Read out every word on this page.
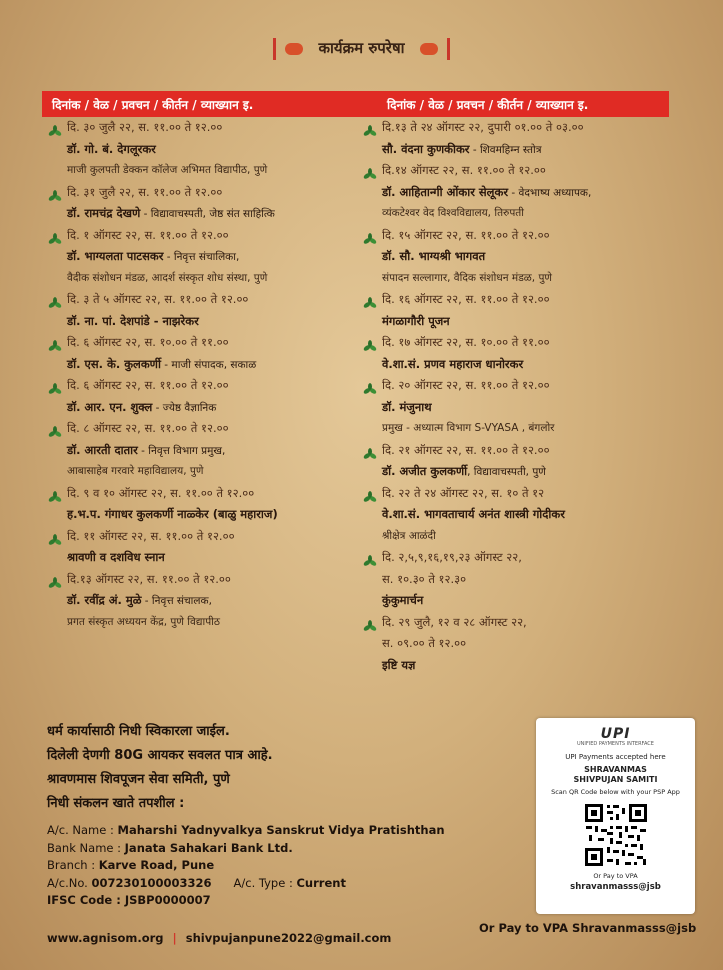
कार्यक्रम रुपरेषा
दिनांक / वेळ / प्रवचन / कीर्तन / व्याख्यान इ.	दिनांक / वेळ / प्रवचन / कीर्तन / व्याख्यान इ.
दि. ३० जुलै २२, स. ११.०० ते १२.००
डॉ. गो. बं. देगलूरकर
माजी कुलपती डेक्कन कॉलेज अभिमत विद्यापीठ, पुणे
दि. ३१ जुलै २२, स. ११.०० ते १२.००
डॉ. रामचंद्र देखणे - विद्यावाचस्पती, जेष्ठ संत साहित्कि
दि. १ ऑगस्ट २२, स. ११.०० ते १२.००
डॉ. भाग्यलता पाटसकर - निवृत्त संचालिका,
वैदीक संशोधन मंडळ, आदर्श संस्कृत शोध संस्था, पुणे
दि. ३ ते ५ ऑगस्ट २२, स. ११.०० ते १२.००
डॉ. ना. पां. देशपांडे - नाझरेकर
दि. ६ ऑगस्ट २२, स. १०.०० ते ११.००
डॉ. एस. के. कुलकर्णी - माजी संपादक, सकाळ
दि. ६ ऑगस्ट २२, स. ११.०० ते १२.००
डॉ. आर. एन. शुक्ल - ज्येष्ठ वैज्ञानिक
दि. ८ ऑगस्ट २२, स. ११.०० ते १२.००
डॉ. आरती दातार - निवृत्त विभाग प्रमुख,
आबासाहेब गरवारे महाविद्यालय, पुणे
दि. ९ व १० ऑगस्ट २२, स. ११.०० ते १२.००
ह.भ.प. गंगाधर कुलकर्णी नाळ्केर (बाळु महाराज)
दि. ११ ऑगस्ट २२, स. ११.०० ते १२.००
श्रावणी व दशविध स्नान
दि.१३ ऑगस्ट २२, स. ११.०० ते १२.००
डॉ. रवींद्र अं. मुळे - निवृत्त संचालक,
प्रगत संस्कृत अध्ययन केंद्र, पुणे विद्यापीठ
दि.१३ ते २४ ऑगस्ट २२, दुपारी ०१.०० ते ०३.००
सौ. वंदना कुणकीकर - शिवमहिम्न स्तोत्र
दि.१४ ऑगस्ट २२, स. ११.०० ते १२.००
डॉ. आहितान्गी ओंकार सेलूकर - वेदभाष्य अध्यापक,
व्यंकटेश्वर वेद विश्वविद्यालय, तिरुपती
दि. १५ ऑगस्ट २२, स. ११.०० ते १२.००
डॉ. सौ. भाग्यश्री भागवत
संपादन सल्लागार, वैदिक संशोधन मंडळ, पुणे
दि. १६ ऑगस्ट २२, स. ११.०० ते १२.००
मंगळागौरी पूजन
दि. १७ ऑगस्ट २२, स. १०.०० ते ११.००
वे.शा.सं. प्रणव महाराज धानोरकर
दि. २० ऑगस्ट २२, स. ११.०० ते १२.००
डॉ. मंजुनाथ
प्रमुख - अध्यात्म विभाग S-VYASA , बंगलोर
दि. २१ ऑगस्ट २२, स. ११.०० ते १२.००
डॉ. अजीत कुलकर्णी, विद्यावाचस्पती, पुणे
दि. २२ ते २४ ऑगस्ट २२, स. १० ते १२
वे.शा.सं. भागवताचार्य अनंत शास्त्री गोदीकर
श्रीक्षेत्र आळंदी
दि. २,५,९,१६,१९,२३ ऑगस्ट २२,
स. १०.३० ते १२.३०
कुंकुमार्चन
दि. २९ जुलै, १२ व २८ ऑगस्ट २२,
स. ०९.०० ते १२.००
इष्टि यज्ञ
धर्म कार्यासाठी निधी स्विकारला जाईल.
दिलेली देणगी 80G आयकर सवलत पात्र आहे.
श्रावणमास शिवपूजन सेवा समिती, पुणे
निधी संकलन खाते तपशील :
A/c. Name : Maharshi Yadnyvalkya Sanskrut Vidya Pratishthan
Bank Name : Janata Sahakari Bank Ltd.
Branch : Karve Road, Pune
A/c.No. 007230100003326 A/c. Type : Current
IFSC Code : JSBP0000007
www.agnisom.org | shivpujanpune2022@gmail.com
UPI
UNIFIED PAYMENTS INTERFACE
UPI Payments accepted here
SHRAVANMAS
SHIVPUJAN SAMITI
Scan QR Code below with your PSP App
Or Pay to VPA
shravanmasss@jsb
Or Pay to VPA Shravanmasss@jsb
